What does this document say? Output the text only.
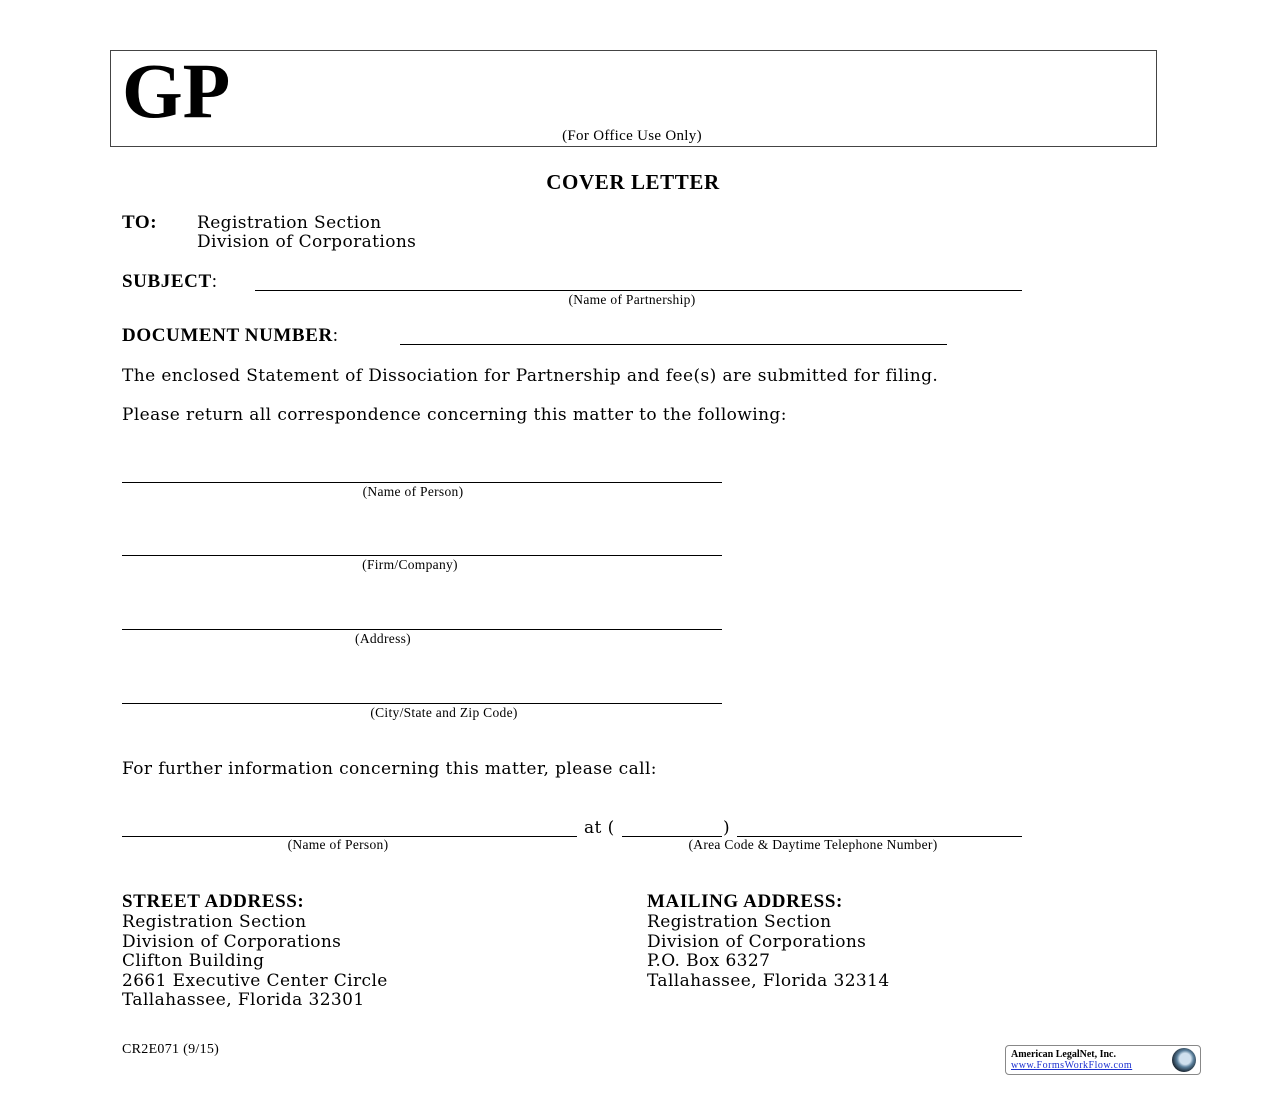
GP
(For Office Use Only)
COVER LETTER
TO: Registration Section
Division of Corporations
SUBJECT:
(Name of Partnership)
DOCUMENT NUMBER:
The enclosed Statement of Dissociation for Partnership and fee(s) are submitted for filing.
Please return all correspondence concerning this matter to the following:
(Name of Person)
(Firm/Company)
(Address)
(City/State and Zip Code)
For further information concerning this matter, please call:
at (	)
(Name of Person)	(Area Code & Daytime Telephone Number)
STREET ADDRESS:
Registration Section
Division of Corporations
Clifton Building
2661 Executive Center Circle
Tallahassee, Florida 32301
MAILING ADDRESS:
Registration Section
Division of Corporations
P.O. Box 6327
Tallahassee, Florida 32314
CR2E071 (9/15)	American LegalNet, Inc.
www.FormsWorkFlow.com
